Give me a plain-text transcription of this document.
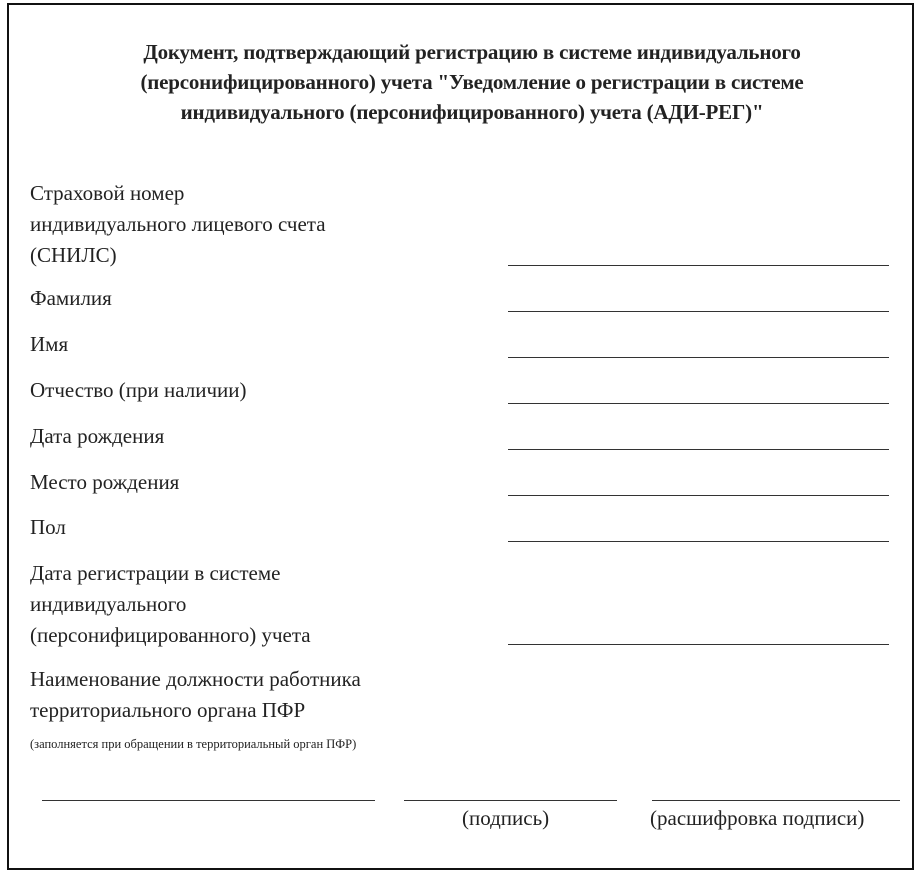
Документ, подтверждающий регистрацию в системе индивидуального
(персонифицированного) учета "Уведомление о регистрации в системе
индивидуального (персонифицированного) учета (АДИ-РЕГ)"
Страховой номер
индивидуального лицевого счета
(СНИЛС)
Фамилия
Имя
Отчество (при наличии)
Дата рождения
Место рождения
Пол
Дата регистрации в системе
индивидуального
(персонифицированного) учета
Наименование должности работника
территориального органа ПФР
(заполняется при обращении в территориальный орган ПФР)
(подпись)	(расшифровка подписи)
